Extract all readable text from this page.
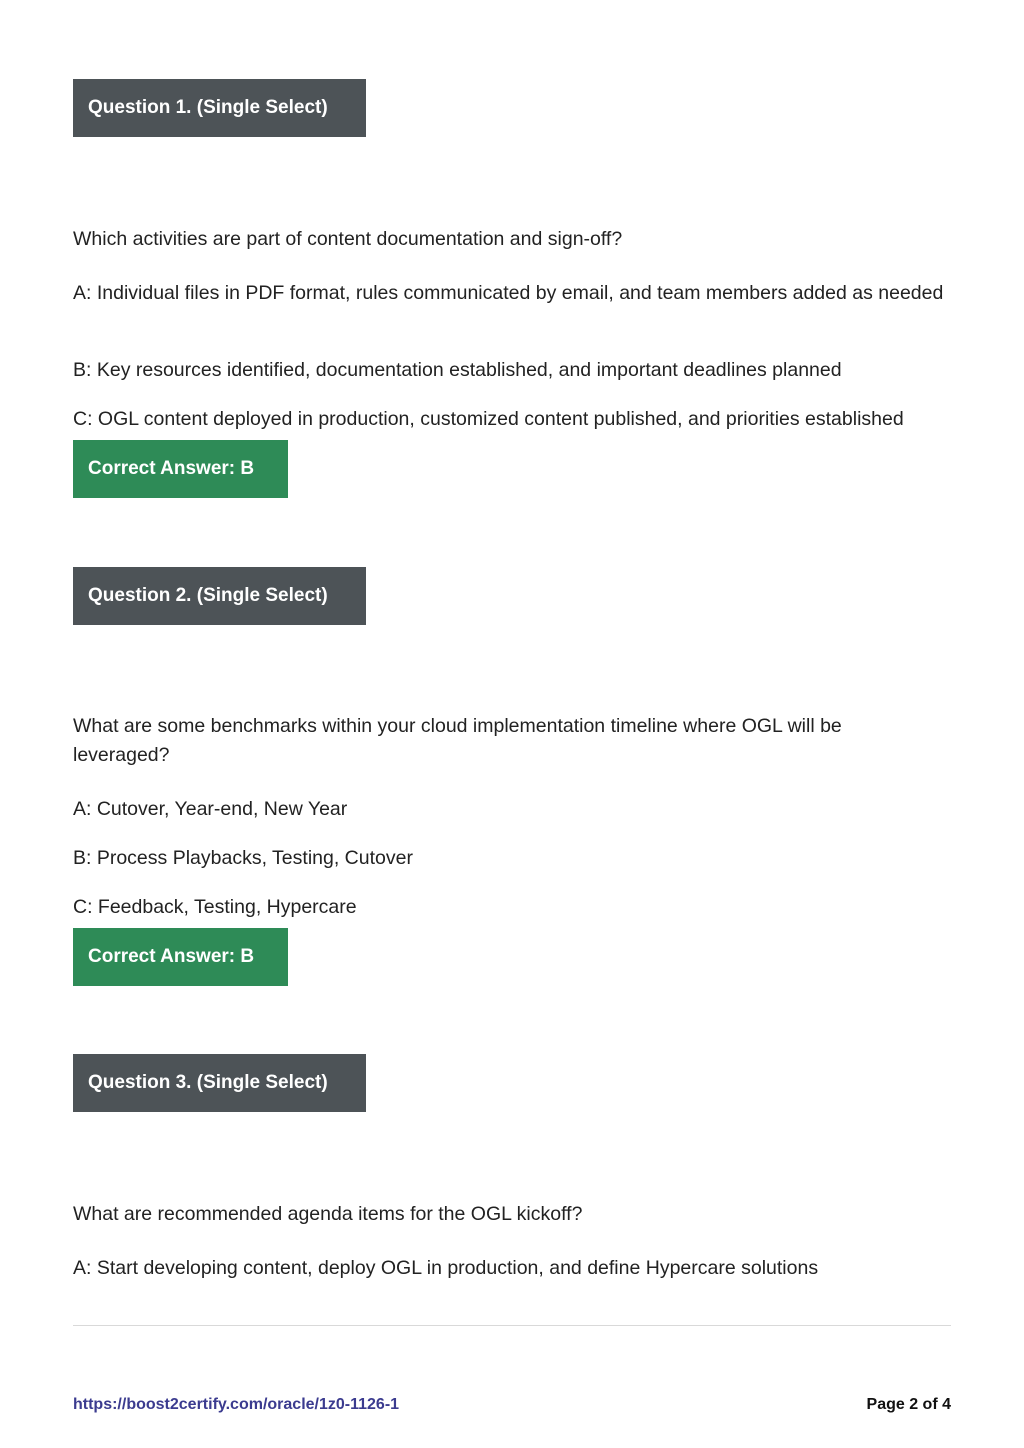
Question 1. (Single Select)

Which activities are part of content documentation and sign-off?

A: Individual files in PDF format, rules communicated by email, and team members added as needed

B: Key resources identified, documentation established, and important deadlines planned

C: OGL content deployed in production, customized content published, and priorities established

Correct Answer: B
Question 2. (Single Select)

What are some benchmarks within your cloud implementation timeline where OGL will be leveraged?

A: Cutover, Year-end, New Year

B: Process Playbacks, Testing, Cutover

C: Feedback, Testing, Hypercare

Correct Answer: B
Question 3. (Single Select)

What are recommended agenda items for the OGL kickoff?

A: Start developing content, deploy OGL in production, and define Hypercare solutions

https://boost2certify.com/oracle/1z0-1126-1	Page 2 of 4
